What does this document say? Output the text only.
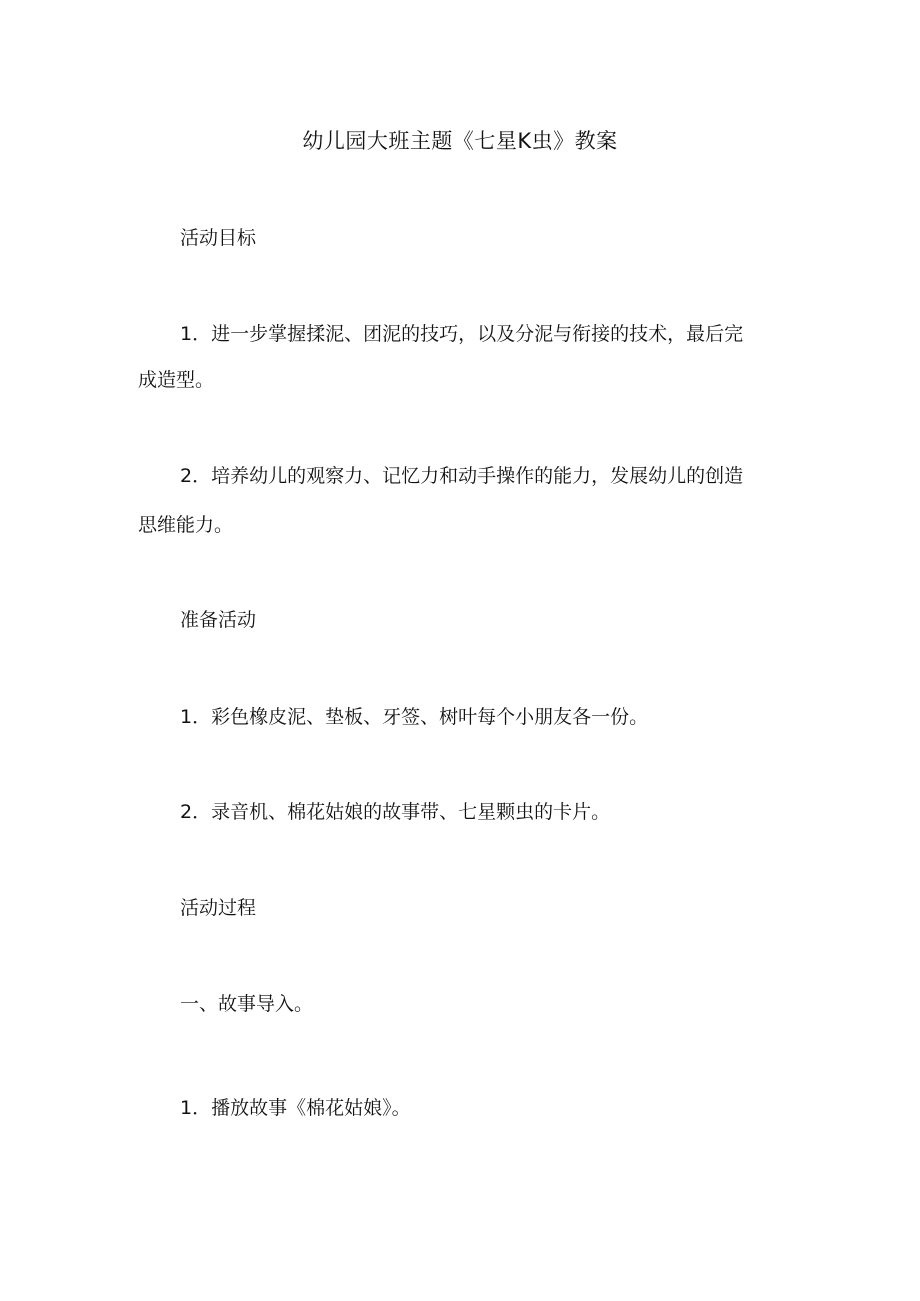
幼儿园大班主题《七星K虫》教案
活动目标
1．进一步掌握揉泥、团泥的技巧，以及分泥与衔接的技术，最后完
成造型。
2．培养幼儿的观察力、记忆力和动手操作的能力，发展幼儿的创造
思维能力。
准备活动
1．彩色橡皮泥、垫板、牙签、树叶每个小朋友各一份。
2．录音机、棉花姑娘的故事带、七星颗虫的卡片。
活动过程
一、故事导入。
1．播放故事《棉花姑娘》。
